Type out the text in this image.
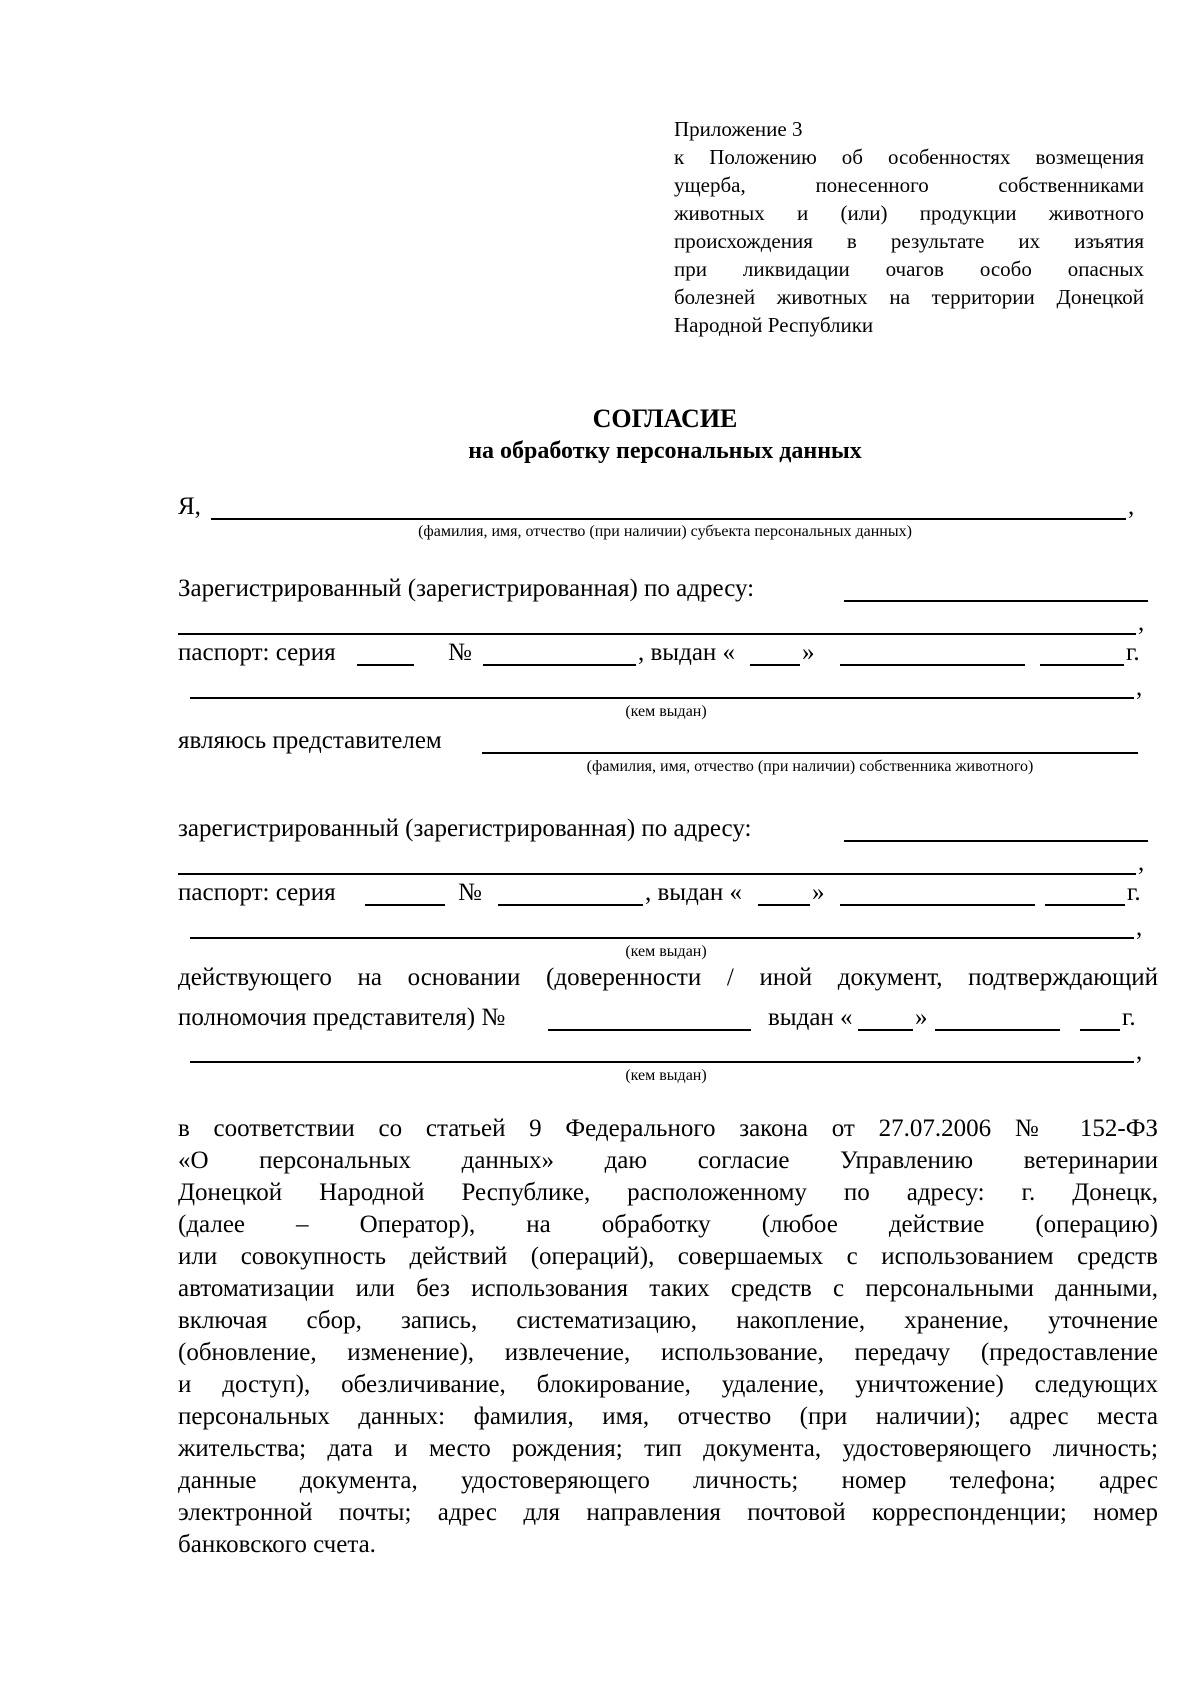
Приложение 3
к Положению об особенностях возмещения
ущерба, понесенного собственниками
животных и (или) продукции животного
происхождения в результате их изъятия
при ликвидации очагов особо опасных
болезней животных на территории Донецкой
Народной Республики
СОГЛАСИЕ
на обработку персональных данных
Я,	,
(фамилия, имя, отчество (при наличии) субъекта персональных данных)
Зарегистрированный (зарегистрированная) по адресу:
,
паспорт: серия	№	, выдан «	»	г.
,
(кем выдан)
являюсь представителем
(фамилия, имя, отчество (при наличии) собственника животного)
зарегистрированный (зарегистрированная) по адресу:
,
паспорт: серия	№	, выдан «	»	г.
,
(кем выдан)
действующего на основании (доверенности / иной документ, подтверждающий
полномочия представителя) №	выдан « »	г.
,
(кем выдан)
в соответствии со статьей 9 Федерального закона от 27.07.2006 № 152-ФЗ
«О персональных данных» даю согласие Управлению ветеринарии
Донецкой Народной Республике, расположенному по адресу: г. Донецк,
(далее – Оператор), на обработку (любое действие (операцию)
или совокупность действий (операций), совершаемых с использованием средств
автоматизации или без использования таких средств с персональными данными,
включая сбор, запись, систематизацию, накопление, хранение, уточнение
(обновление, изменение), извлечение, использование, передачу (предоставление
и доступ), обезличивание, блокирование, удаление, уничтожение) следующих
персональных данных: фамилия, имя, отчество (при наличии); адрес места
жительства; дата и место рождения; тип документа, удостоверяющего личность;
данные документа, удостоверяющего личность; номер телефона; адрес
электронной почты; адрес для направления почтовой корреспонденции; номер
банковского счета.
